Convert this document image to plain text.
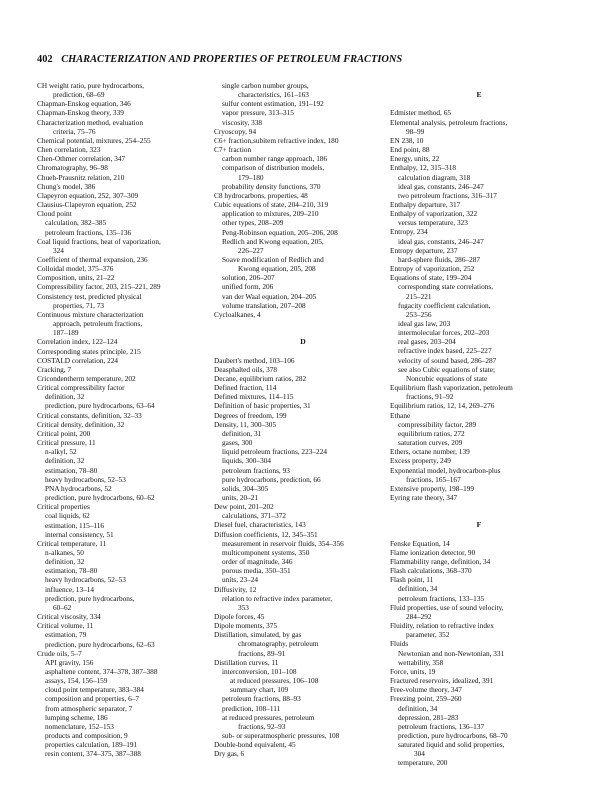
402 CHARACTERIZATION AND PROPERTIES OF PETROLEUM FRACTIONS
CH weight ratio, pure hydrocarbons,
prediction, 68–69
Chapman-Enskog equation, 346
Chapman-Enskog theory, 339
Characterization method, evaluation
criteria, 75–76
Chemical potential, mixtures, 254–255
Chen correlation, 323
Chen-Othmer correlation, 347
Chromatography, 96–98
Chueh-Prausnitz relation, 210
Chung's model, 386
Clapeyron equation, 252, 307–309
Clausius-Clapeyron equation, 252
Cloud point
calculation, 382–385
petroleum fractions, 135–136
Coal liquid fractions, heat of vaporization,
324
Coefficient of thermal expansion, 236
Colloidal model, 375–376
Composition, units, 21–22
Compressibility factor, 203, 215–221, 289
Consistency test, predicted physical
properties, 71, 73
Continuous mixture characterization
approach, petroleum fractions,
187–189
Correlation index, 122–124
Corresponding states principle, 215
COSTALD correlation, 224
Cracking, 7
Cricondentherm temperature, 202
Critical compressibility factor
definition, 32
prediction, pure hydrocarbons, 63–64
Critical constants, definition, 32–33
Critical density, definition, 32
Critical point, 200
Critical pressure, 11
n-alkyl, 52
definition, 32
estimation, 78–80
heavy hydrocarbons, 52–53
PNA hydrocarbons, 52
prediction, pure hydrocarbons, 60–62
Critical properties
coal liquids, 62
estimation, 115–116
internal consistency, 51
Critical temperature, 11
n-alkanes, 50
definition, 32
estimation, 78–80
heavy hydrocarbons, 52–53
influence, 13–14
prediction, pure hydrocarbons,
60–62
Critical viscosity, 334
Critical volume, 11
estimation, 79
prediction, pure hydrocarbons, 62–63
Crude oils, 5–7
API gravity, 156
asphaltene content, 374–378, 387–388
assays, 154, 156–159
cloud point temperature, 383–384
composition and properties, 6–7
from atmospheric separator, 7
lumping scheme, 186
nomenclature, 152–153
products and composition, 9
properties calculation, 189–191
resin content, 374–375, 387–388
single carbon number groups,
characteristics, 161–163
sulfur content estimation, 191–192
vapor pressure, 313–315
viscosity, 338
Cryoscopy, 94
C6+ fraction,subitem refractive index, 180
C7+ fraction
carbon number range approach, 186
comparison of distribution models,
179–180
probability density functions, 370
C8 hydrocarbons, properties, 48
Cubic equations of state, 204–210, 319
application to mixtures, 209–210
other types, 208–209
Peng-Robinson equation, 205–206, 208
Redlich and Kwong equation, 205,
226–227
Soave modification of Redlich and
Kwong equation, 205, 208
solution, 206–207
unified form, 206
van der Waal equation, 204–205
volume translation, 207–208
Cycloalkanes, 4
D
Daubert's method, 103–106
Deasphalted oils, 378
Decane, equilibrium ratios, 282
Defined fraction, 114
Defined mixtures, 114–115
Definition of basic properties, 31
Degrees of freedom, 199
Density, 11, 300–305
definition, 31
gases, 300
liquid petroleum fractions, 223–224
liquids, 300–304
petroleum fractions, 93
pure hydrocarbons, prediction, 66
solids, 304–305
units, 20–21
Dew point, 201–202
calculations, 371–372
Diesel fuel, characteristics, 143
Diffusion coefficients, 12, 345–351
measurement in reservoir fluids, 354–356
multicomponent systems, 350
order of magnitude, 346
porous media, 350–351
units, 23–24
Diffusivity, 12
relation to refractive index parameter,
353
Dipole forces, 45
Dipole moments, 375
Distillation, simulated, by gas
chromatography, petroleum
fractions, 89–91
Distillation curves, 11
interconversion, 101–108
at reduced pressures, 106–108
summary chart, 109
petroleum fractions, 88–93
prediction, 108–111
at reduced pressures, petroleum
fractions, 92–93
sub- or superatmospheric pressures, 108
Double-bond equivalent, 45
Dry gas, 6
E
Edmister method, 65
Elemental analysis, petroleum fractions,
98–99
EN 238, 10
End point, 88
Energy, units, 22
Enthalpy, 12, 315–318
calculation diagram, 318
ideal gas, constants, 246–247
two petroleum fractions, 316–317
Enthalpy departure, 317
Enthalpy of vaporization, 322
versus temperature, 323
Entropy, 234
ideal gas, constants, 246–247
Entropy departure, 237
hard-sphere fluids, 286–287
Entropy of vaporization, 252
Equations of state, 199–204
corresponding state correlations,
215–221
fugacity coefficient calculation,
253–256
ideal gas law, 203
intermolecular forces, 202–203
real gases, 203–204
refractive index based, 225–227
velocity of sound based, 286–287
see also Cubic equations of state;
Noncubic equations of state
Equilibrium flash vaporization, petroleum
fractions, 91–92
Equilibrium ratios, 12, 14, 269–276
Ethane
compressibility factor, 289
equilibrium ratios, 272
saturation curves, 209
Ethers, octane number, 139
Excess property, 249
Exponential model, hydrocarbon-plus
fractions, 165–167
Extensive property, 198–199
Eyring rate theory, 347
F
Fenske Equation, 14
Flame ionization detector, 90
Flammability range, definition, 34
Flash calculations, 368–370
Flash point, 11
definition, 34
petroleum fractions, 133–135
Fluid properties, use of sound velocity,
284–292
Fluidity, relation to refractive index
parameter, 352
Fluids
Newtonian and non-Newtonian, 331
wettability, 358
Force, units, 19
Fractured reservoirs, idealized, 391
Free-volume theory, 347
Freezing point, 259–260
definition, 34
depression, 281–283
petroleum fractions, 136–137
prediction, pure hydrocarbons, 68–70
saturated liquid and solid properties,
304
temperature, 200
